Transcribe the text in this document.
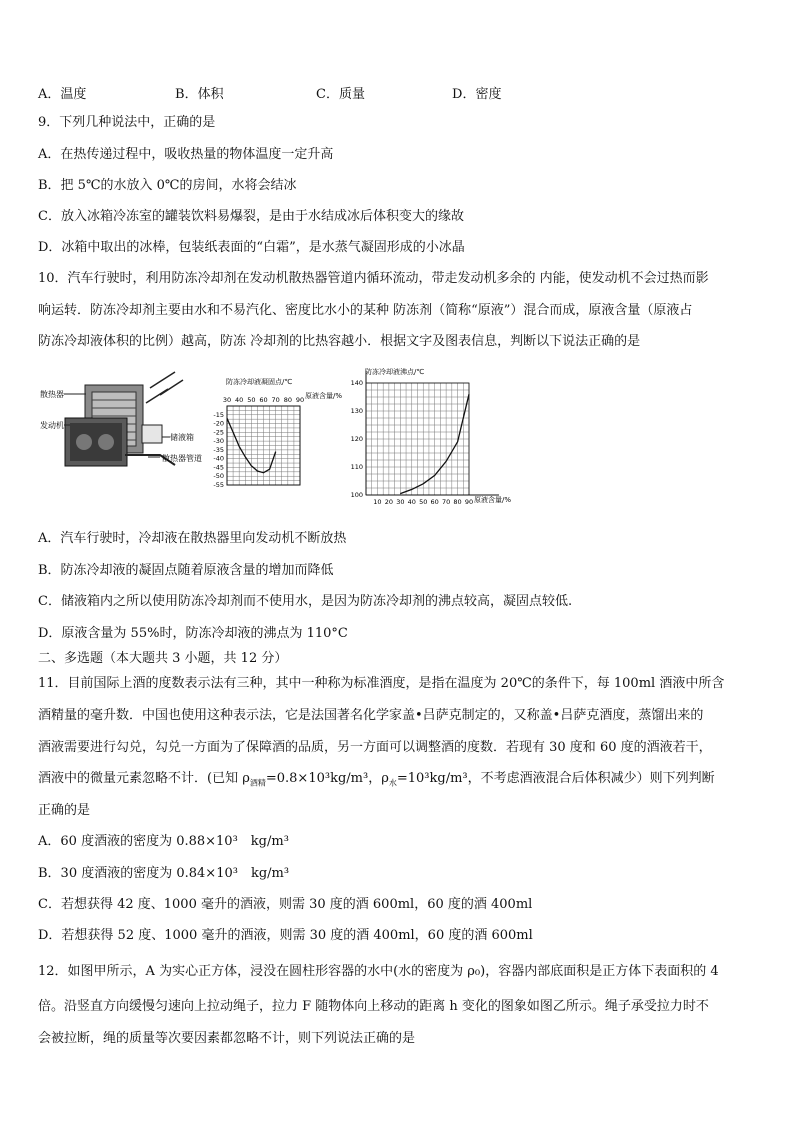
A．温度	B．体积	C．质量	D．密度
9．下列几种说法中，正确的是
A．在热传递过程中，吸收热量的物体温度一定升高
B．把 5℃的水放入 0℃的房间，水将会结冰
C．放入冰箱冷冻室的罐装饮料易爆裂，是由于水结成冰后体积变大的缘故
D．冰箱中取出的冰棒，包装纸表面的“白霜”，是水蒸气凝固形成的小冰晶
10．汽车行驶时，利用防冻冷却剂在发动机散热器管道内循环流动，带走发动机多余的 内能，使发动机不会过热而影
响运转．防冻冷却剂主要由水和不易汽化、密度比水小的某种 防冻剂（简称“原液”）混合而成，原液含量（原液占
防冻冷却液体积的比例）越高，防冻 冷却剂的比热容越小．根据文字及图表信息，判断以下说法正确的是
散热器
发动机
储液箱
散热器管道
防冻冷却液凝固点/℃
原液含量/%
30 40 50 60 70 80 90
-15
-20
-25
-30
-35
-40
-45
-50
-55
防冻冷却液沸点/℃
原液含量/%
10 20 30 40 50 60 70 80 90
100
110
120
130
140
A．汽车行驶时，冷却液在散热器里向发动机不断放热
B．防冻冷却液的凝固点随着原液含量的增加而降低
C．储液箱内之所以使用防冻冷却剂而不使用水，是因为防冻冷却剂的沸点较高，凝固点较低.
D．原液含量为 55%时，防冻冷却液的沸点为 110°C
二、多选题（本大题共 3 小题，共 12 分）
11．目前国际上酒的度数表示法有三种，其中一种称为标准酒度，是指在温度为 20℃的条件下，每 100ml 酒液中所含
酒精量的毫升数．中国也使用这种表示法，它是法国著名化学家盖•吕萨克制定的，又称盖•吕萨克酒度，蒸馏出来的
酒液需要进行勾兑，勾兑一方面为了保障酒的品质，另一方面可以调整酒的度数．若现有 30 度和 60 度的酒液若干，
酒液中的微量元素忽略不计．(已知 $\rho_{酒精}=0.8\times 10^3kg/m^3$，$\rho_水=10^3kg/m^3$，不考虑酒液混合后体积减少）则下列判断
正确的是
A．60 度酒液的密度为 0.88×10³　kg/m³
B．30 度酒液的密度为 0.84×10³　kg/m³
C．若想获得 42 度、1000 毫升的酒液，则需 30 度的酒 600ml，60 度的酒 400ml
D．若想获得 52 度、1000 毫升的酒液，则需 30 度的酒 400ml，60 度的酒 600ml
12．如图甲所示，A 为实心正方体，浸没在圆柱形容器的水中(水的密度为 ρ₀)，容器内部底面积是正方体下表面积的 4
倍。沿竖直方向缓慢匀速向上拉动绳子，拉力 F 随物体向上移动的距离 h 变化的图象如图乙所示。绳子承受拉力时不
会被拉断，绳的质量等次要因素都忽略不计，则下列说法正确的是
